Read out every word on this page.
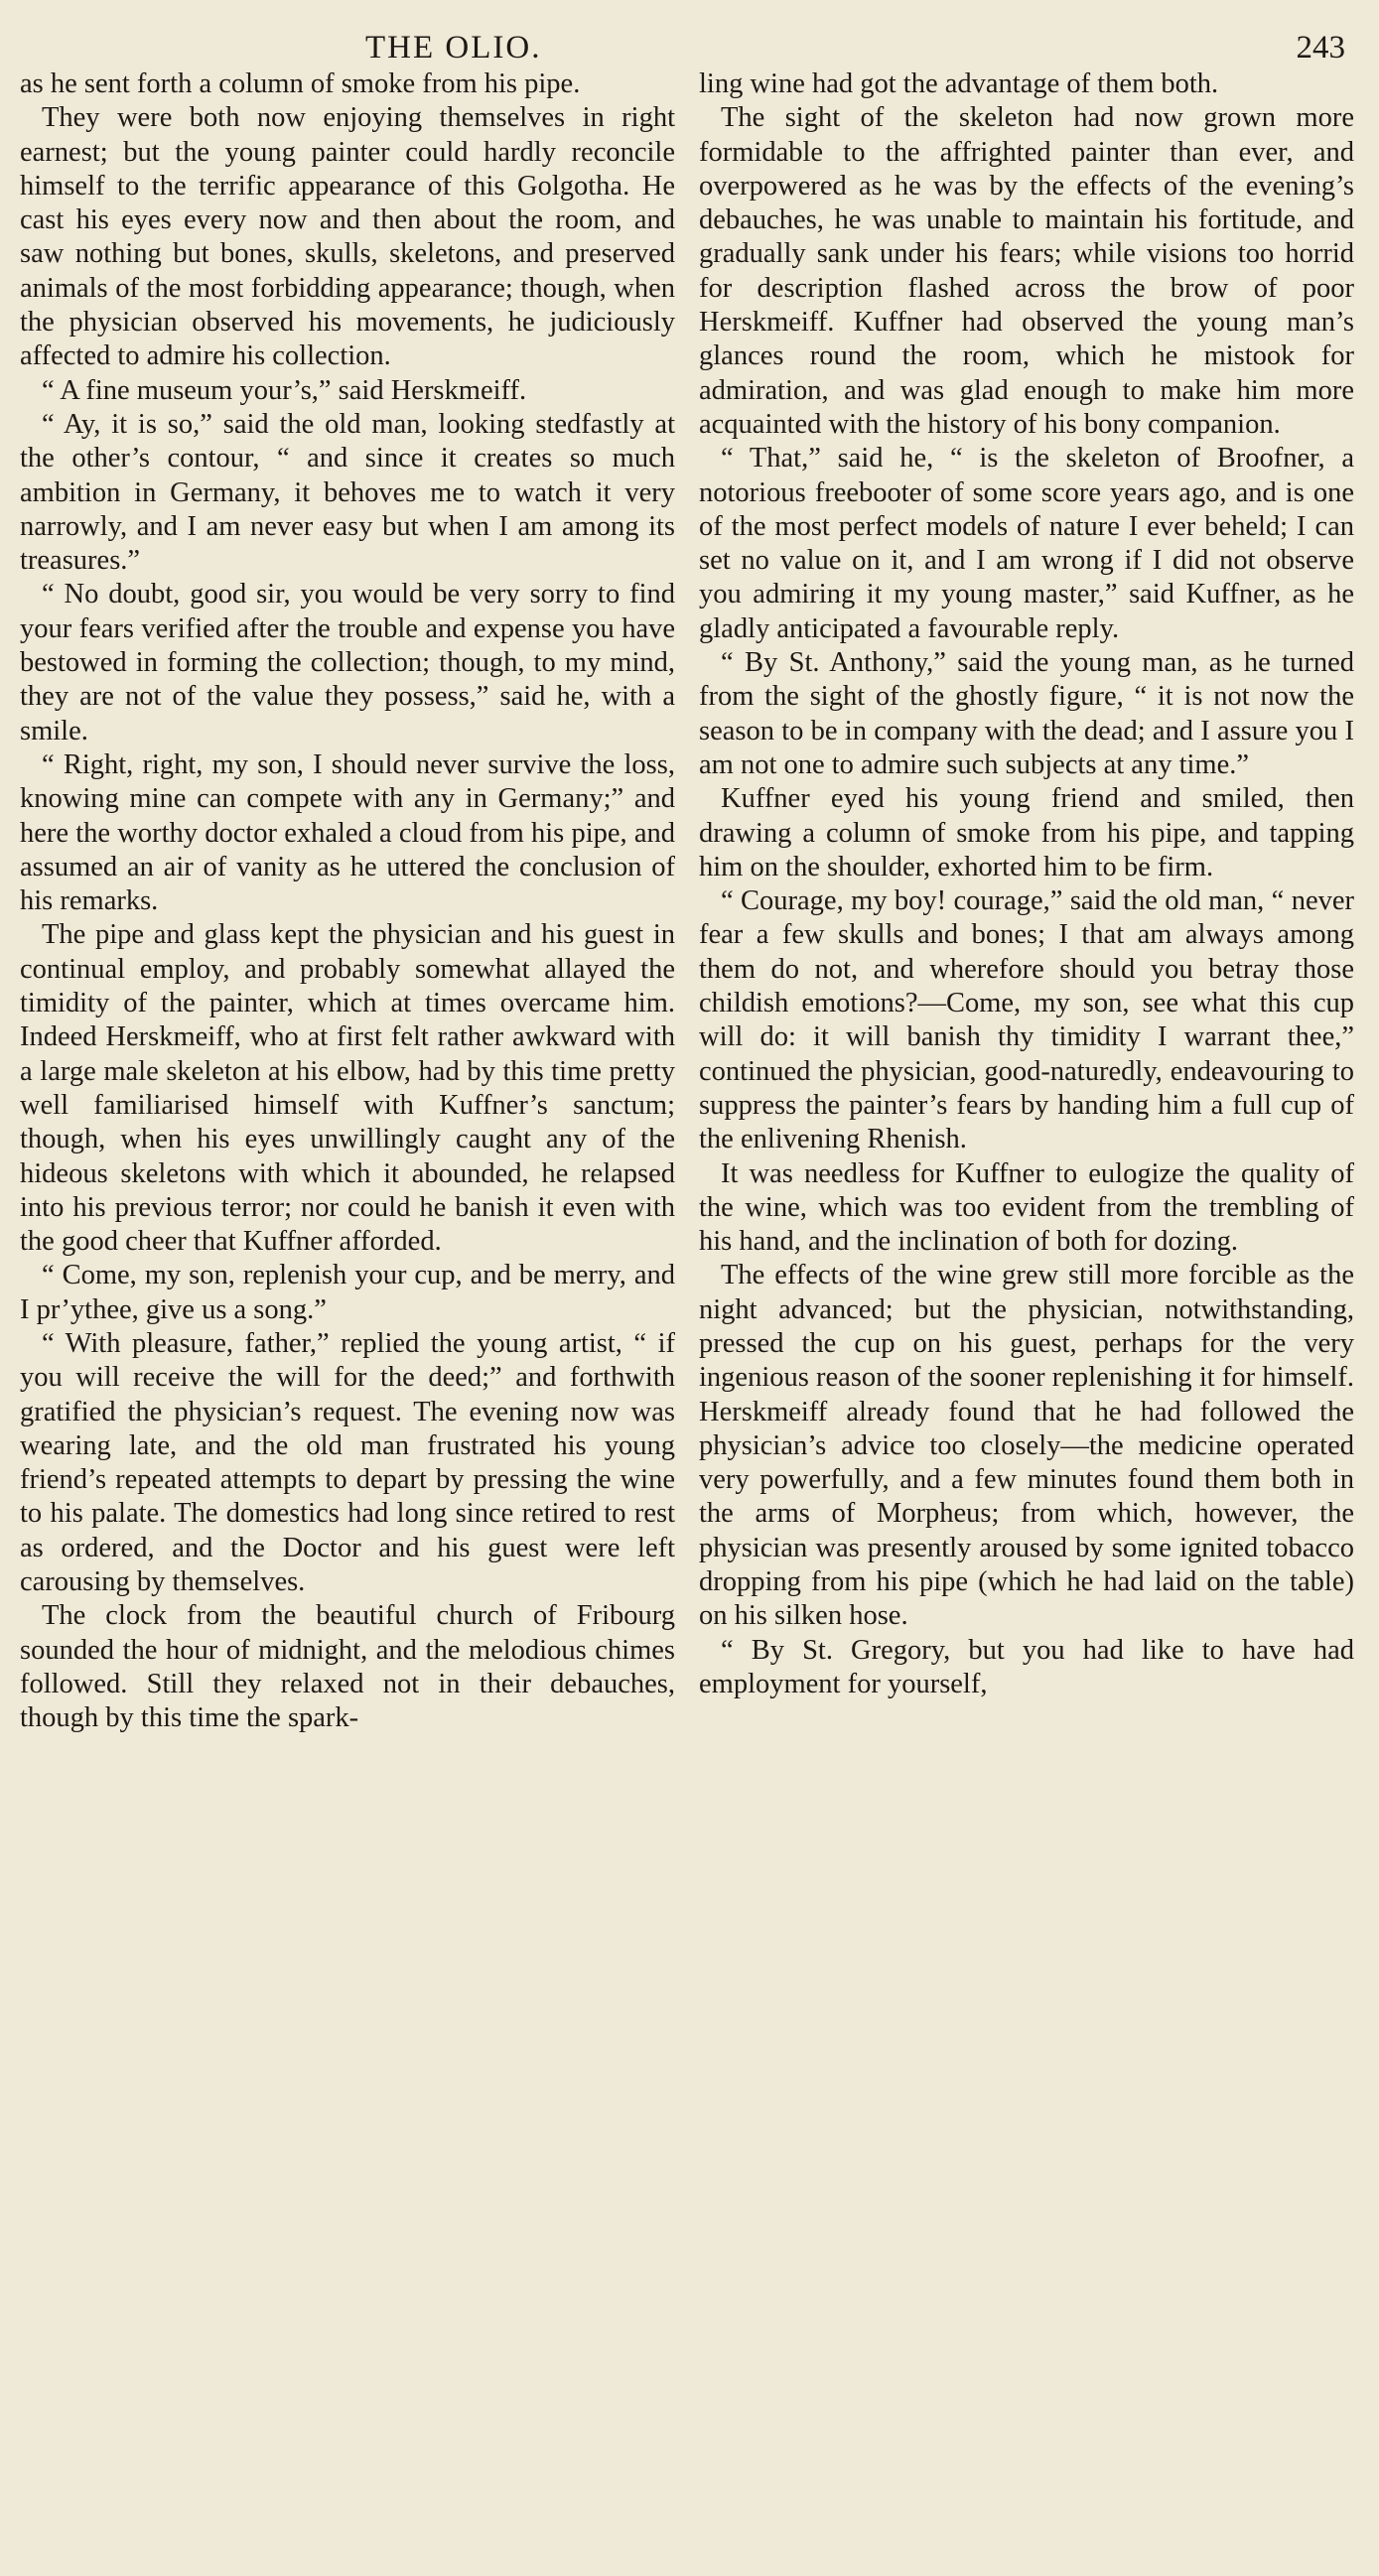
THE OLIO.	243

as he sent forth a column of smoke from his pipe.

They were both now enjoying themselves in right earnest; but the young painter could hardly reconcile himself to the terrific appearance of this Golgotha. He cast his eyes every now and then about the room, and saw nothing but bones, skulls, skeletons, and preserved animals of the most forbidding appearance; though, when the physician observed his movements, he judiciously affected to admire his collection.

“ A fine museum your’s,” said Herskmeiff.

“ Ay, it is so,” said the old man, looking stedfastly at the other’s contour, “ and since it creates so much ambition in Germany, it behoves me to watch it very narrowly, and I am never easy but when I am among its treasures.”

“ No doubt, good sir, you would be very sorry to find your fears verified after the trouble and expense you have bestowed in forming the collection; though, to my mind, they are not of the value they possess,” said he, with a smile.

“ Right, right, my son, I should never survive the loss, knowing mine can compete with any in Germany;” and here the worthy doctor exhaled a cloud from his pipe, and assumed an air of vanity as he uttered the conclusion of his remarks.

The pipe and glass kept the physician and his guest in continual employ, and probably somewhat allayed the timidity of the painter, which at times overcame him. Indeed Herskmeiff, who at first felt rather awkward with a large male skeleton at his elbow, had by this time pretty well familiarised himself with Kuffner’s sanctum; though, when his eyes unwillingly caught any of the hideous skeletons with which it abounded, he relapsed into his previous terror; nor could he banish it even with the good cheer that Kuffner afforded.

“ Come, my son, replenish your cup, and be merry, and I pr’ythee, give us a song.”

“ With pleasure, father,” replied the young artist, “ if you will receive the will for the deed;” and forthwith gratified the physician’s request. The evening now was wearing late, and the old man frustrated his young friend’s repeated attempts to depart by pressing the wine to his palate. The domestics had long since retired to rest as ordered, and the Doctor and his guest were left carousing by themselves.

The clock from the beautiful church of Fribourg sounded the hour of midnight, and the melodious chimes followed. Still they relaxed not in their debauches, though by this time the spark-

ling wine had got the advantage of them both.

The sight of the skeleton had now grown more formidable to the affrighted painter than ever, and overpowered as he was by the effects of the evening’s debauches, he was unable to maintain his fortitude, and gradually sank under his fears; while visions too horrid for description flashed across the brow of poor Herskmeiff. Kuffner had observed the young man’s glances round the room, which he mistook for admiration, and was glad enough to make him more acquainted with the history of his bony companion.

“ That,” said he, “ is the skeleton of Broofner, a notorious freebooter of some score years ago, and is one of the most perfect models of nature I ever beheld; I can set no value on it, and I am wrong if I did not observe you admiring it my young master,” said Kuffner, as he gladly anticipated a favourable reply.

“ By St. Anthony,” said the young man, as he turned from the sight of the ghostly figure, “ it is not now the season to be in company with the dead; and I assure you I am not one to admire such subjects at any time.”

Kuffner eyed his young friend and smiled, then drawing a column of smoke from his pipe, and tapping him on the shoulder, exhorted him to be firm.

“ Courage, my boy! courage,” said the old man, “ never fear a few skulls and bones; I that am always among them do not, and wherefore should you betray those childish emotions?—Come, my son, see what this cup will do: it will banish thy timidity I warrant thee,” continued the physician, good-naturedly, endeavouring to suppress the painter’s fears by handing him a full cup of the enlivening Rhenish.

It was needless for Kuffner to eulogize the quality of the wine, which was too evident from the trembling of his hand, and the inclination of both for dozing.

The effects of the wine grew still more forcible as the night advanced; but the physician, notwithstanding, pressed the cup on his guest, perhaps for the very ingenious reason of the sooner replenishing it for himself. Herskmeiff already found that he had followed the physician’s advice too closely—the medicine operated very powerfully, and a few minutes found them both in the arms of Morpheus; from which, however, the physician was presently aroused by some ignited tobacco dropping from his pipe (which he had laid on the table) on his silken hose.

“ By St. Gregory, but you had like to have had employment for yourself,
